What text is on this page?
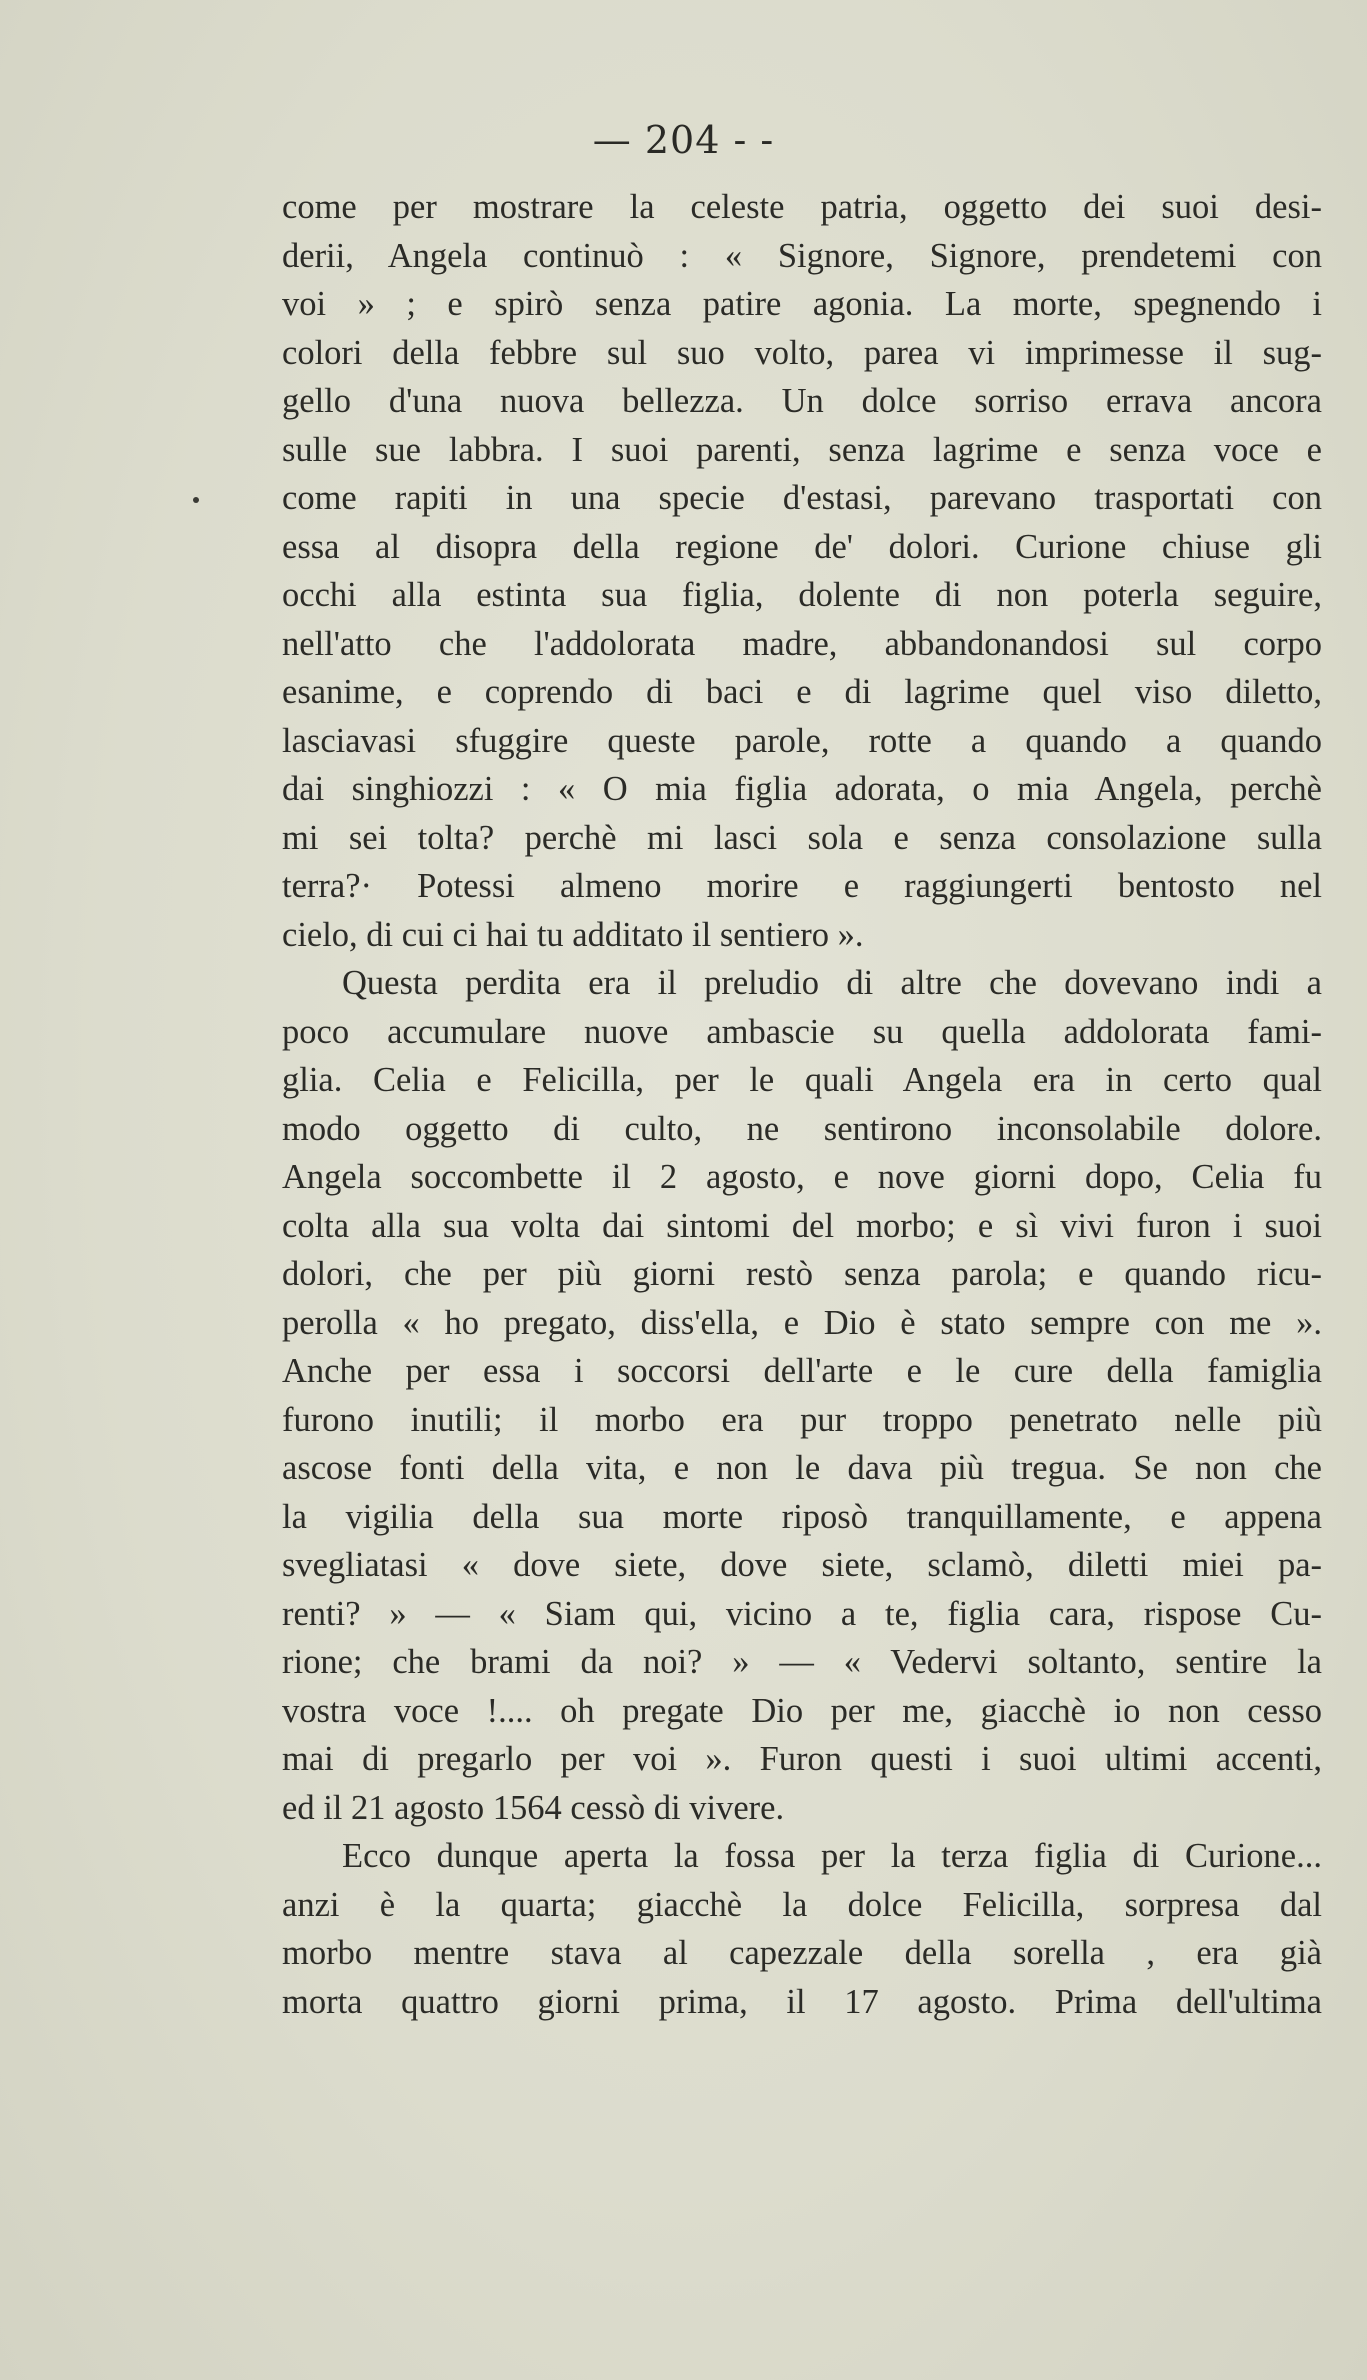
— 204 - -
come per mostrare la celeste patria, oggetto dei suoi desi-
derii, Angela continuò : « Signore, Signore, prendetemi con
voi » ; e spirò senza patire agonia. La morte, spegnendo i
colori della febbre sul suo volto, parea vi imprimesse il sug-
gello d'una nuova bellezza. Un dolce sorriso errava ancora
sulle sue labbra. I suoi parenti, senza lagrime e senza voce e
come rapiti in una specie d'estasi, parevano trasportati con
essa al disopra della regione de' dolori. Curione chiuse gli
occhi alla estinta sua figlia, dolente di non poterla seguire,
nell'atto che l'addolorata madre, abbandonandosi sul corpo
esanime, e coprendo di baci e di lagrime quel viso diletto,
lasciavasi sfuggire queste parole, rotte a quando a quando
dai singhiozzi : « O mia figlia adorata, o mia Angela, perchè
mi sei tolta? perchè mi lasci sola e senza consolazione sulla
terra?· Potessi almeno morire e raggiungerti bentosto nel
cielo, di cui ci hai tu additato il sentiero ».
Questa perdita era il preludio di altre che dovevano indi a
poco accumulare nuove ambascie su quella addolorata fami-
glia. Celia e Felicilla, per le quali Angela era in certo qual
modo oggetto di culto, ne sentirono inconsolabile dolore.
Angela soccombette il 2 agosto, e nove giorni dopo, Celia fu
colta alla sua volta dai sintomi del morbo; e sì vivi furon i suoi
dolori, che per più giorni restò senza parola; e quando ricu-
perolla « ho pregato, diss'ella, e Dio è stato sempre con me ».
Anche per essa i soccorsi dell'arte e le cure della famiglia
furono inutili; il morbo era pur troppo penetrato nelle più
ascose fonti della vita, e non le dava più tregua. Se non che
la vigilia della sua morte riposò tranquillamente, e appena
svegliatasi « dove siete, dove siete, sclamò, diletti miei pa-
renti? » — « Siam qui, vicino a te, figlia cara, rispose Cu-
rione; che brami da noi? » — « Vedervi soltanto, sentire la
vostra voce !.... oh pregate Dio per me, giacchè io non cesso
mai di pregarlo per voi ». Furon questi i suoi ultimi accenti,
ed il 21 agosto 1564 cessò di vivere.
Ecco dunque aperta la fossa per la terza figlia di Curione...
anzi è la quarta; giacchè la dolce Felicilla, sorpresa dal
morbo mentre stava al capezzale della sorella , era già
morta quattro giorni prima, il 17 agosto. Prima dell'ultima
